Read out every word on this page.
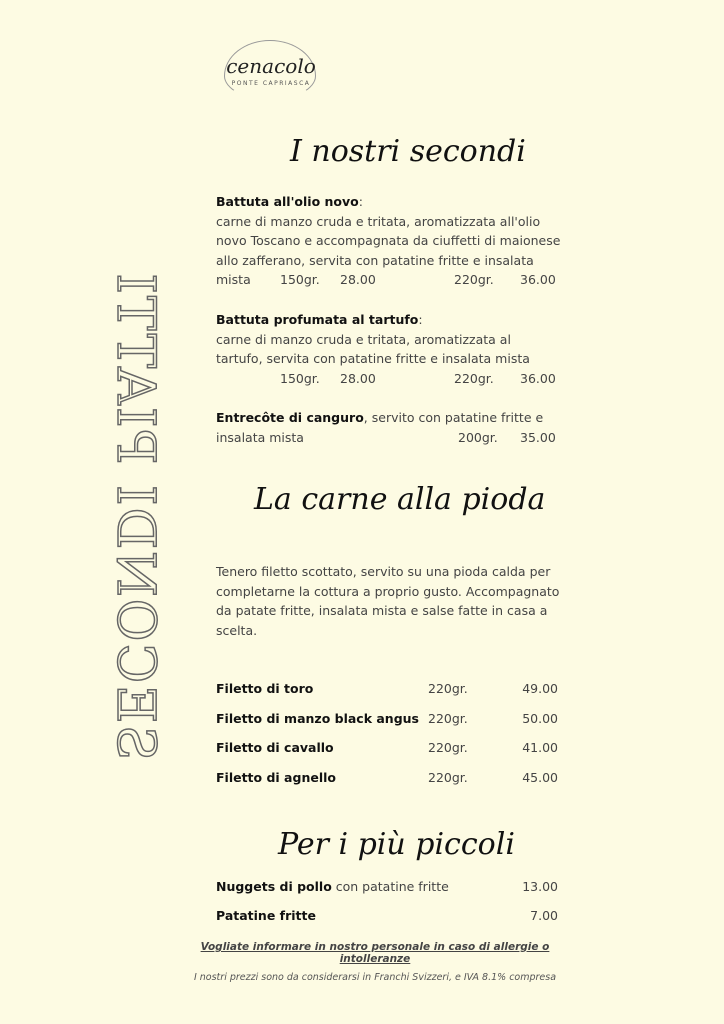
cenacolo
PONTE CAPRIASCA
SECONDI PIATTI
I nostri secondi
Battuta all'olio novo:
carne di manzo cruda e tritata, aromatizzata all'olio
novo Toscano e accompagnata da ciuffetti di maionese
allo zafferano, servita con patatine fritte e insalata
mista 150gr. 28.00	220gr. 36.00
Battuta profumata al tartufo:
carne di manzo cruda e tritata, aromatizzata al
tartufo, servita con patatine fritte e insalata mista
150gr. 28.00	220gr. 36.00
Entrecôte di canguro, servito con patatine fritte e
insalata mista	200gr. 35.00
La carne alla pioda
Tenero filetto scottato, servito su una pioda calda per
completarne la cottura a proprio gusto. Accompagnato
da patate fritte, insalata mista e salse fatte in casa a
scelta.
Filetto di toro	220gr.	49.00
Filetto di manzo black angus 220gr.	50.00
Filetto di cavallo	220gr.	41.00
Filetto di agnello	220gr.	45.00
Per i più piccoli
Nuggets di pollo con patatine fritte	13.00
Patatine fritte	7.00
Vogliate informare in nostro personale in caso di allergie o
intolleranze
I nostri prezzi sono da considerarsi in Franchi Svizzeri, e IVA 8.1% compresa
